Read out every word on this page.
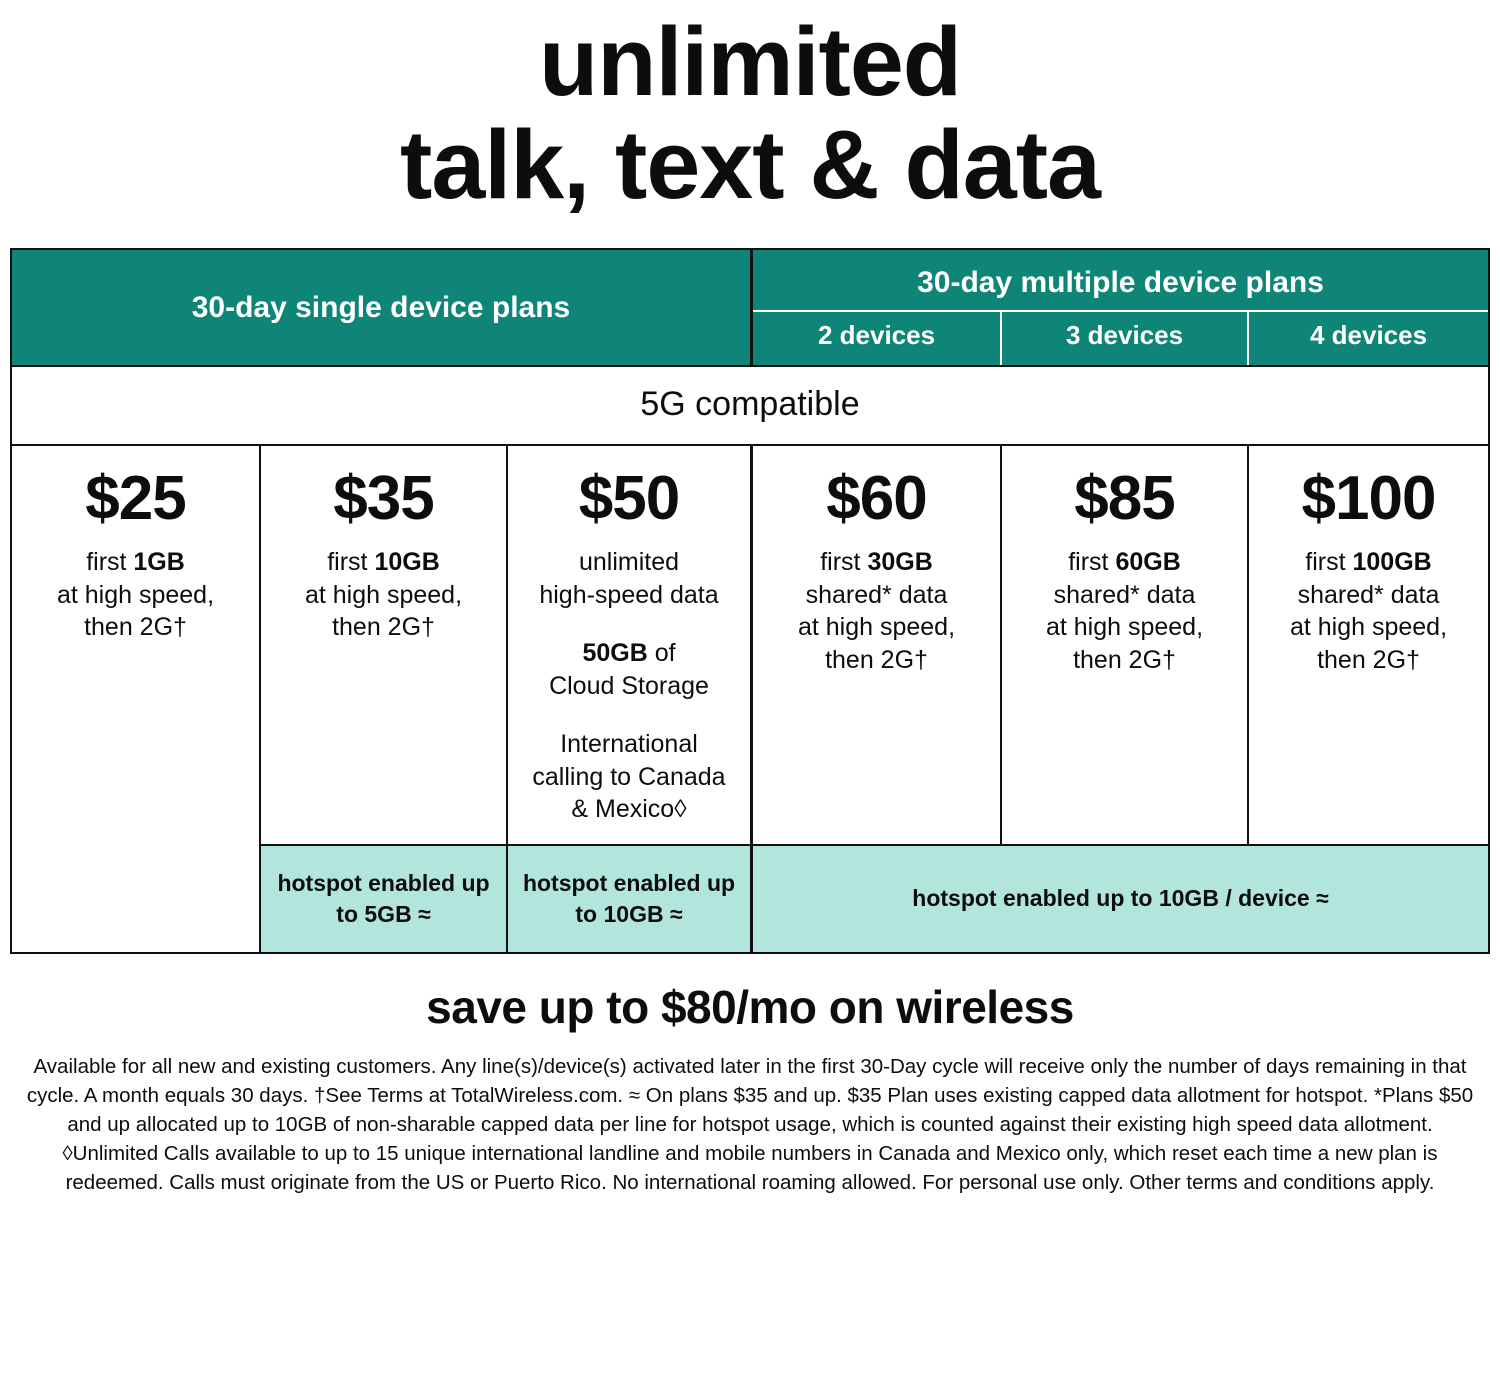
unlimited
talk, text & data
30-day single device plans
30-day multiple device plans
2 devices	3 devices	4 devices
5G compatible
$25
first 1GB
at high speed,
then 2G†
$35
first 10GB
at high speed,
then 2G†
$50
unlimited
high-speed data
50GB of
Cloud Storage
International
calling to Canada
& Mexico◊
$60
first 30GB
shared* data
at high speed,
then 2G†
$85
first 60GB
shared* data
at high speed,
then 2G†
$100
first 100GB
shared* data
at high speed,
then 2G†
hotspot enabled up to 5GB ≈
hotspot enabled up to 10GB ≈
hotspot enabled up to 10GB / device ≈
save up to $80/mo on wireless
Available for all new and existing customers. Any line(s)/device(s) activated later in the first 30-Day cycle will receive only the number of days remaining in that cycle. A month equals 30 days. †See Terms at TotalWireless.com. ≈ On plans $35 and up. $35 Plan uses existing capped data allotment for hotspot. *Plans $50 and up allocated up to 10GB of non-sharable capped data per line for hotspot usage, which is counted against their existing high speed data allotment. ◊Unlimited Calls available to up to 15 unique international landline and mobile numbers in Canada and Mexico only, which reset each time a new plan is redeemed. Calls must originate from the US or Puerto Rico. No international roaming allowed. For personal use only. Other terms and conditions apply.
